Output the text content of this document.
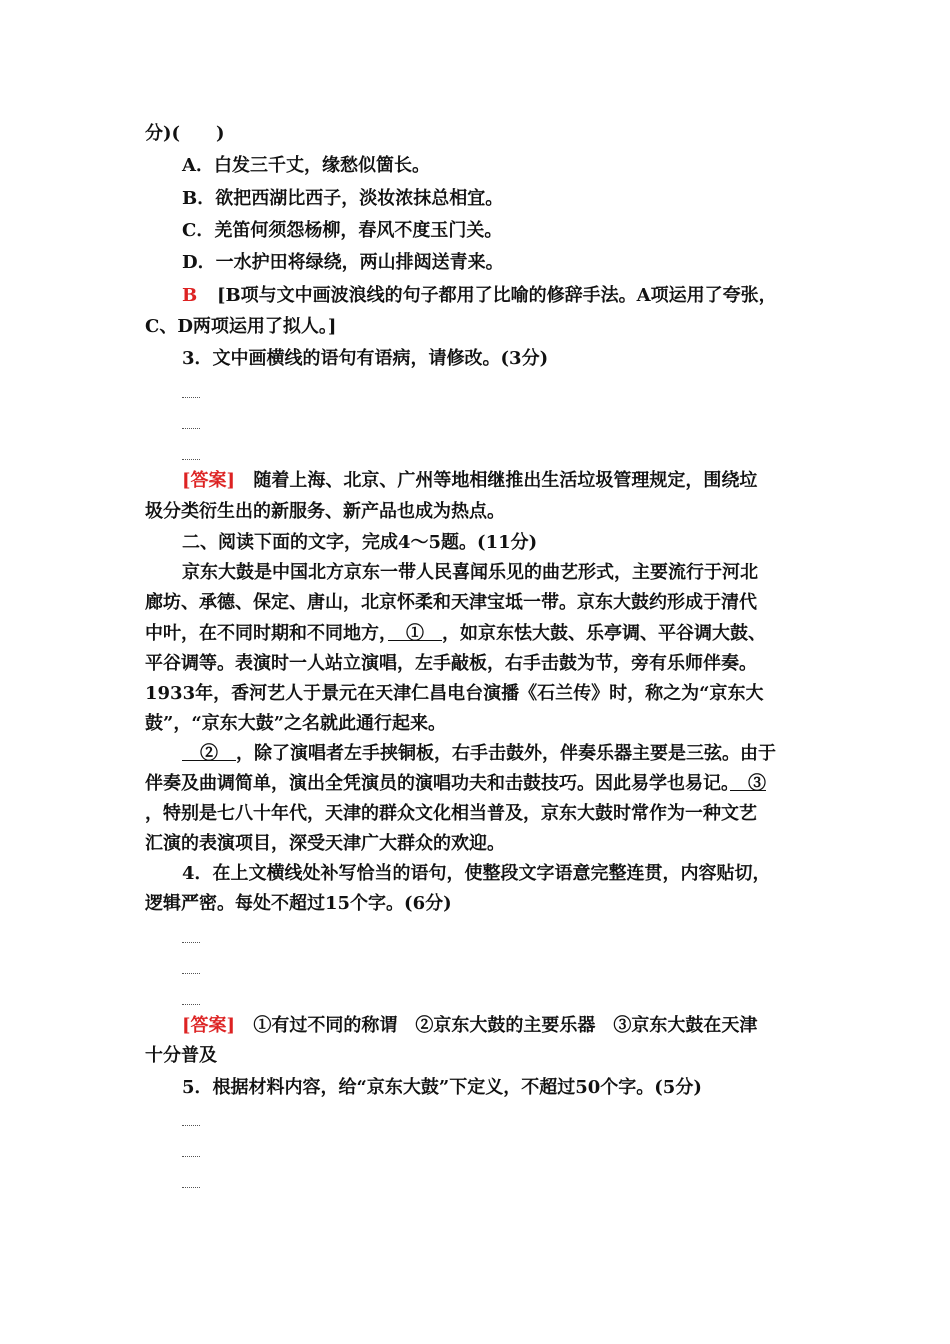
分)(　　)
A．白发三千丈，缘愁似箇长。
B．欲把西湖比西子，淡妆浓抹总相宜。
C．羌笛何须怨杨柳，春风不度玉门关。
D．一水护田将绿绕，两山排闼送青来。
B [B项与文中画波浪线的句子都用了比喻的修辞手法。A项运用了夸张，
C、D两项运用了拟人。]
3．文中画横线的语句有语病，请修改。(3分)
[答案] 随着上海、北京、广州等地相继推出生活垃圾管理规定，围绕垃
圾分类衍生出的新服务、新产品也成为热点。
二、阅读下面的文字，完成4～5题。(11分)
京东大鼓是中国北方京东一带人民喜闻乐见的曲艺形式，主要流行于河北
廊坊、承德、保定、唐山，北京怀柔和天津宝坻一带。京东大鼓约形成于清代
中叶，在不同时期和不同地方，　①　，如京东怯大鼓、乐亭调、平谷调大鼓、
平谷调等。表演时一人站立演唱，左手敲板，右手击鼓为节，旁有乐师伴奏。
1933年，香河艺人于景元在天津仁昌电台演播《石兰传》时，称之为“京东大
鼓”，“京东大鼓”之名就此通行起来。
　②　，除了演唱者左手挟铜板，右手击鼓外，伴奏乐器主要是三弦。由于
伴奏及曲调简单，演出全凭演员的演唱功夫和击鼓技巧。因此易学也易记。　③
，特别是七八十年代，天津的群众文化相当普及，京东大鼓时常作为一种文艺
汇演的表演项目，深受天津广大群众的欢迎。
4．在上文横线处补写恰当的语句，使整段文字语意完整连贯，内容贴切，
逻辑严密。每处不超过15个字。(6分)
[答案] ①有过不同的称谓　②京东大鼓的主要乐器　③京东大鼓在天津
十分普及
5．根据材料内容，给“京东大鼓”下定义，不超过50个字。(5分)
